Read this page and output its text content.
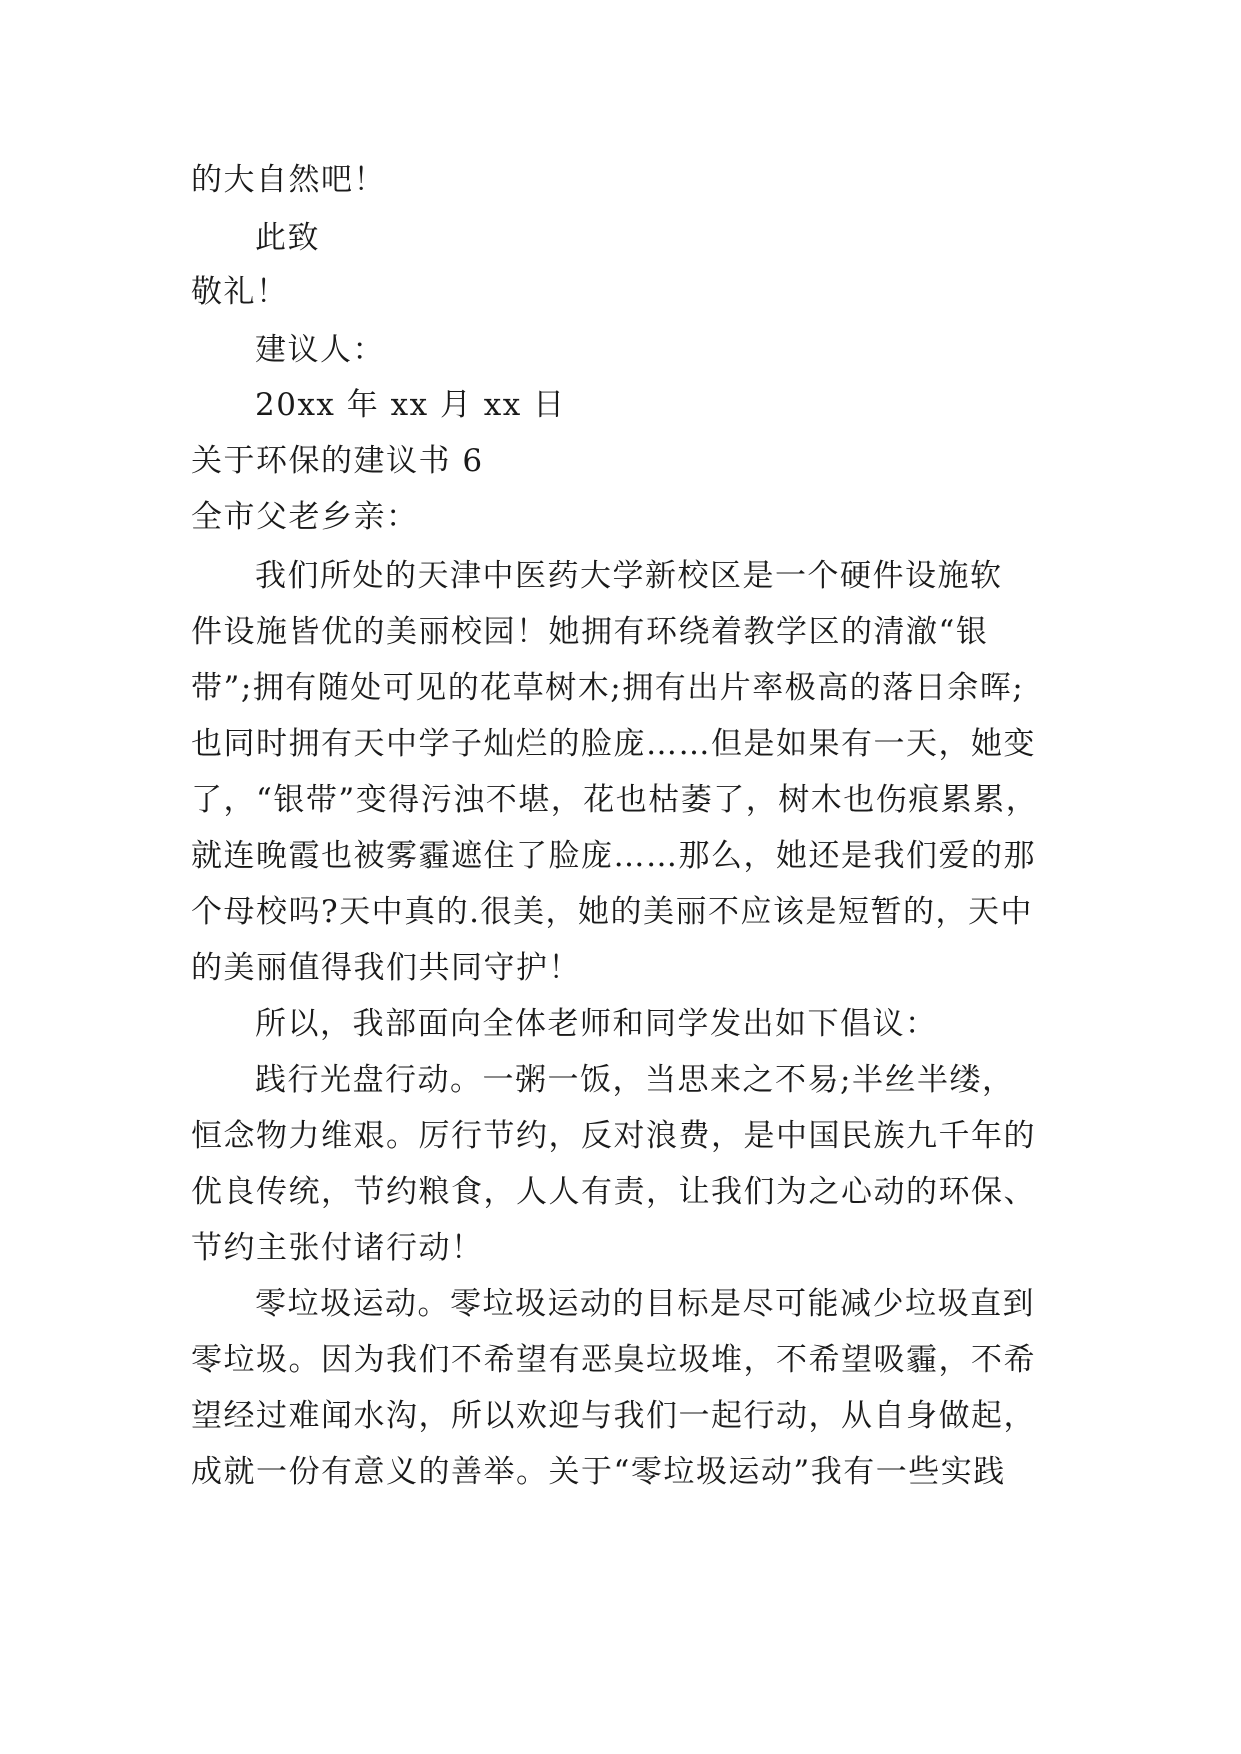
的大自然吧！
此致
敬礼！
建议人：
20xx 年 xx 月 xx 日
关于环保的建议书 6
全市父老乡亲：
我们所处的天津中医药大学新校区是一个硬件设施软
件设施皆优的美丽校园！她拥有环绕着教学区的清澈“银
带”;拥有随处可见的花草树木;拥有出片率极高的落日余晖;
也同时拥有天中学子灿烂的脸庞……但是如果有一天，她变
了，“银带”变得污浊不堪，花也枯萎了，树木也伤痕累累，
就连晚霞也被雾霾遮住了脸庞……那么，她还是我们爱的那
个母校吗?天中真的.很美，她的美丽不应该是短暂的，天中
的美丽值得我们共同守护！
所以，我部面向全体老师和同学发出如下倡议：
践行光盘行动。一粥一饭，当思来之不易;半丝半缕，
恒念物力维艰。厉行节约，反对浪费，是中国民族九千年的
优良传统，节约粮食，人人有责，让我们为之心动的环保、
节约主张付诸行动！
零垃圾运动。零垃圾运动的目标是尽可能减少垃圾直到
零垃圾。因为我们不希望有恶臭垃圾堆，不希望吸霾，不希
望经过难闻水沟，所以欢迎与我们一起行动，从自身做起，
成就一份有意义的善举。关于“零垃圾运动”我有一些实践
